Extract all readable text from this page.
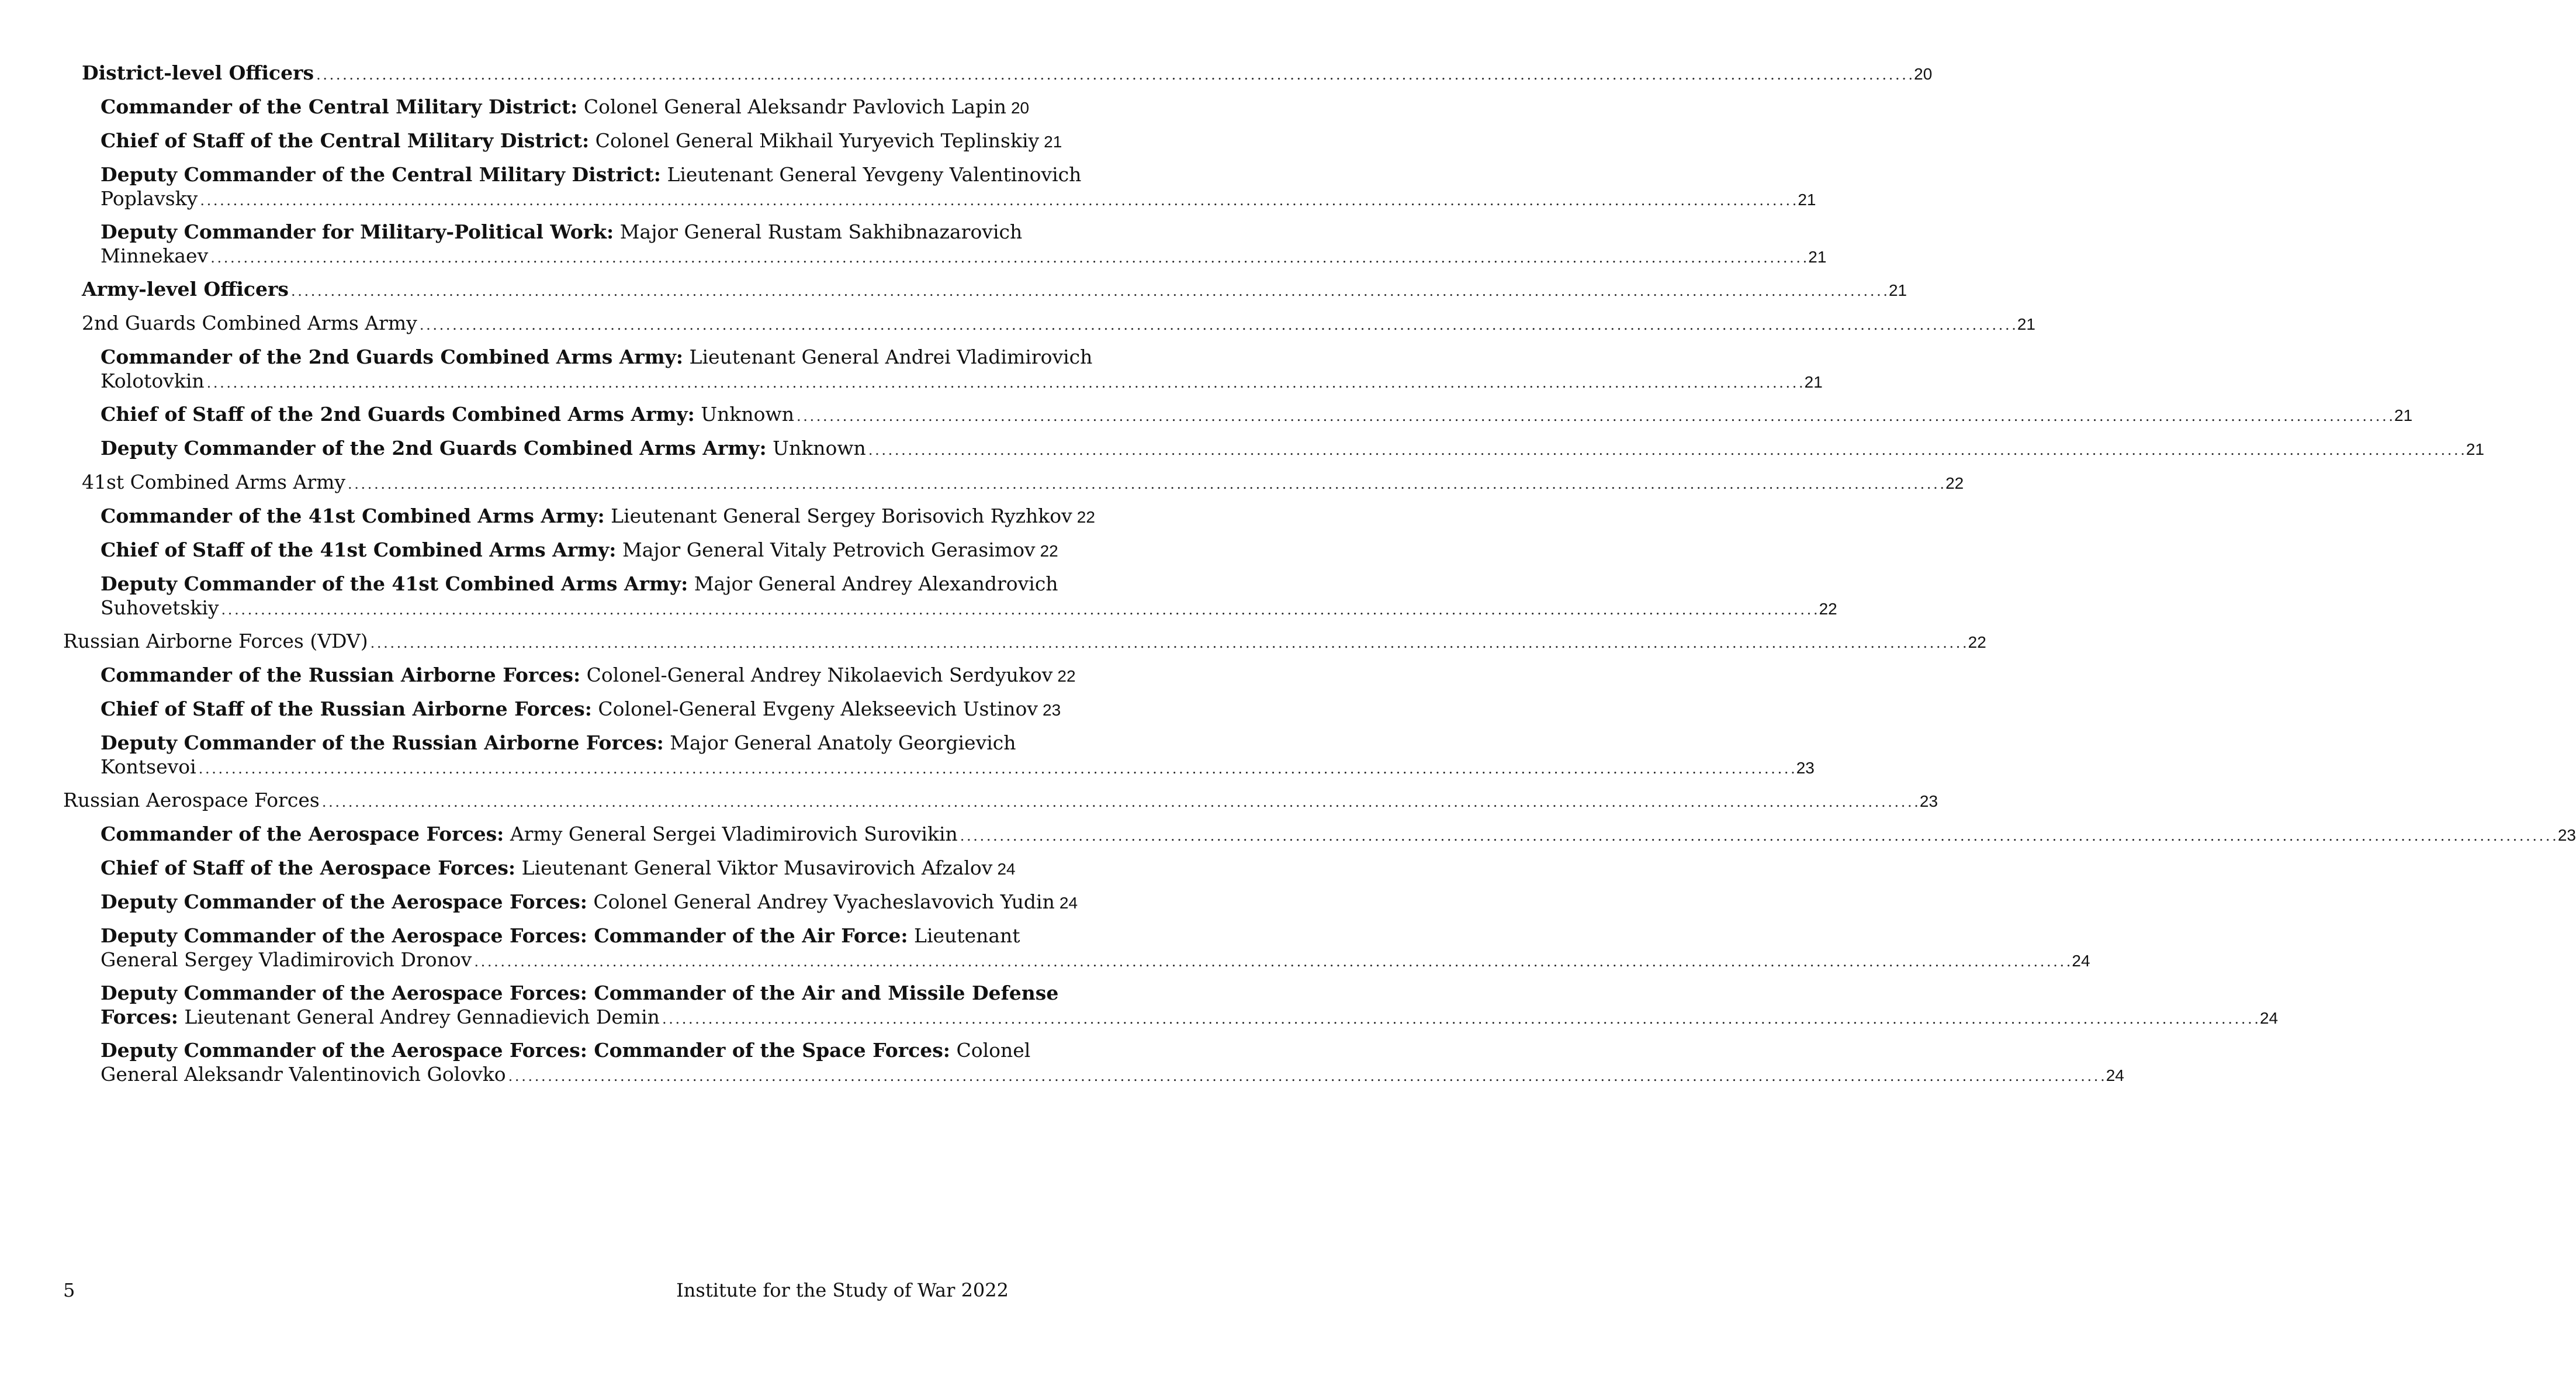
District-level Officers . . .	20
Commander of the Central Military District: Colonel General Aleksandr Pavlovich Lapin 20
Chief of Staff of the Central Military District: Colonel General Mikhail Yuryevich Teplinskiy 21
Deputy Commander of the Central Military District: Lieutenant General Yevgeny Valentinovich
Poplavsky . . .	21
Deputy Commander for Military-Political Work: Major General Rustam Sakhibnazarovich
Minnekaev . . .	21
Army-level Officers . . .	21
2nd Guards Combined Arms Army . . .	21
Commander of the 2nd Guards Combined Arms Army: Lieutenant General Andrei Vladimirovich
Kolotovkin . . .	21
Chief of Staff of the 2nd Guards Combined Arms Army: Unknown . . .	21
Deputy Commander of the 2nd Guards Combined Arms Army: Unknown . . .	21
41st Combined Arms Army . . .	22
Commander of the 41st Combined Arms Army: Lieutenant General Sergey Borisovich Ryzhkov 22
Chief of Staff of the 41st Combined Arms Army: Major General Vitaly Petrovich Gerasimov 22
Deputy Commander of the 41st Combined Arms Army: Major General Andrey Alexandrovich
Suhovetskiy . . .	22
Russian Airborne Forces (VDV) . . .	22
Commander of the Russian Airborne Forces: Colonel-General Andrey Nikolaevich Serdyukov 22
Chief of Staff of the Russian Airborne Forces: Colonel-General Evgeny Alekseevich Ustinov 23
Deputy Commander of the Russian Airborne Forces: Major General Anatoly Georgievich
Kontsevoi . . .	23
Russian Aerospace Forces . . .	23
Commander of the Aerospace Forces: Army General Sergei Vladimirovich Surovikin . . .	23
Chief of Staff of the Aerospace Forces: Lieutenant General Viktor Musavirovich Afzalov 24
Deputy Commander of the Aerospace Forces: Colonel General Andrey Vyacheslavovich Yudin 24
Deputy Commander of the Aerospace Forces: Commander of the Air Force: Lieutenant
General Sergey Vladimirovich Dronov . . .	24
Deputy Commander of the Aerospace Forces: Commander of the Air and Missile Defense
Forces: Lieutenant General Andrey Gennadievich Demin . . .	24
Deputy Commander of the Aerospace Forces: Commander of the Space Forces: Colonel
General Aleksandr Valentinovich Golovko . . .	24
5	Institute for the Study of War 2022
